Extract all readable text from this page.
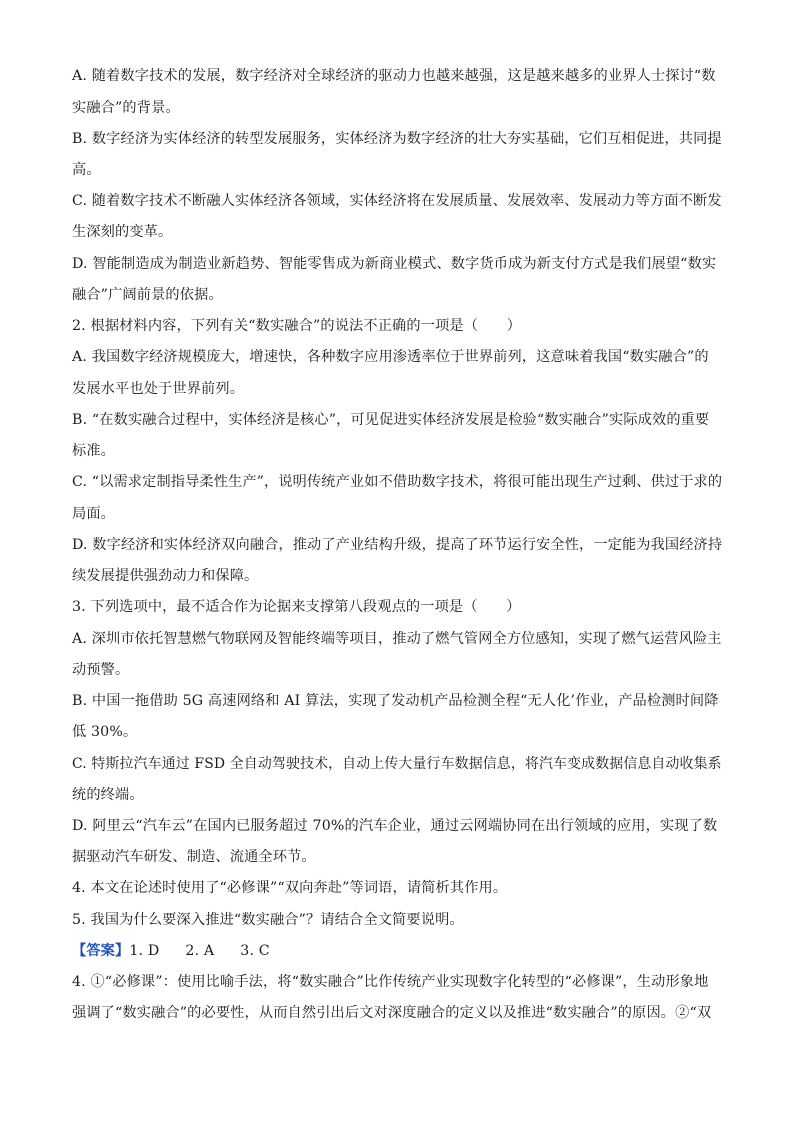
A. 随着数字技术的发展，数字经济对全球经济的驱动力也越来越强，这是越来越多的业界人士探讨“数
实融合”的背景。
B. 数字经济为实体经济的转型发展服务，实体经济为数字经济的壮大夯实基础，它们互相促进，共同提
高。
C. 随着数字技术不断融人实体经济各领域，实体经济将在发展质量、发展效率、发展动力等方面不断发
生深刻的变革。
D. 智能制造成为制造业新趋势、智能零售成为新商业模式、数字货币成为新支付方式是我们展望“数实
融合”广阔前景的依据。
2. 根据材料内容，下列有关“数实融合”的说法不正确的一项是（　　）
A. 我国数字经济规模庞大，增速快，各种数字应用渗透率位于世界前列，这意味着我国“数实融合”的
发展水平也处于世界前列。
B. “在数实融合过程中，实体经济是核心”，可见促进实体经济发展是检验“数实融合”实际成效的重要
标准。
C. “以需求定制指导柔性生产”，说明传统产业如不借助数字技术，将很可能出现生产过剩、供过于求的
局面。
D. 数字经济和实体经济双向融合，推动了产业结构升级，提高了环节运行安全性，一定能为我国经济持
续发展提供强劲动力和保障。
3. 下列选项中，最不适合作为论据来支撑第八段观点的一项是（　　）
A. 深圳市依托智慧燃气物联网及智能终端等项目，推动了燃气管网全方位感知，实现了燃气运营风险主
动预警。
B. 中国一拖借助 5G 高速网络和 AI 算法，实现了发动机产品检测全程“无人化’作业，产品检测时间降
低 30%。
C. 特斯拉汽车通过 FSD 全自动驾驶技术，自动上传大量行车数据信息，将汽车变成数据信息自动收集系
统的终端。
D. 阿里云“汽车云”在国内已服务超过 70%的汽车企业，通过云网端协同在出行领域的应用，实现了数
据驱动汽车研发、制造、流通全环节。
4. 本文在论述时使用了“必修课”“双向奔赴”等词语，请简析其作用。
5. 我国为什么要深入推进“数实融合”？请结合全文简要说明。
【答案】1. D 2. A 3. C
4. ①“必修课”：使用比喻手法，将“数实融合”比作传统产业实现数字化转型的“必修课”，生动形象地
强调了“数实融合”的必要性，从而自然引出后文对深度融合的定义以及推进“数实融合”的原因。②“双
